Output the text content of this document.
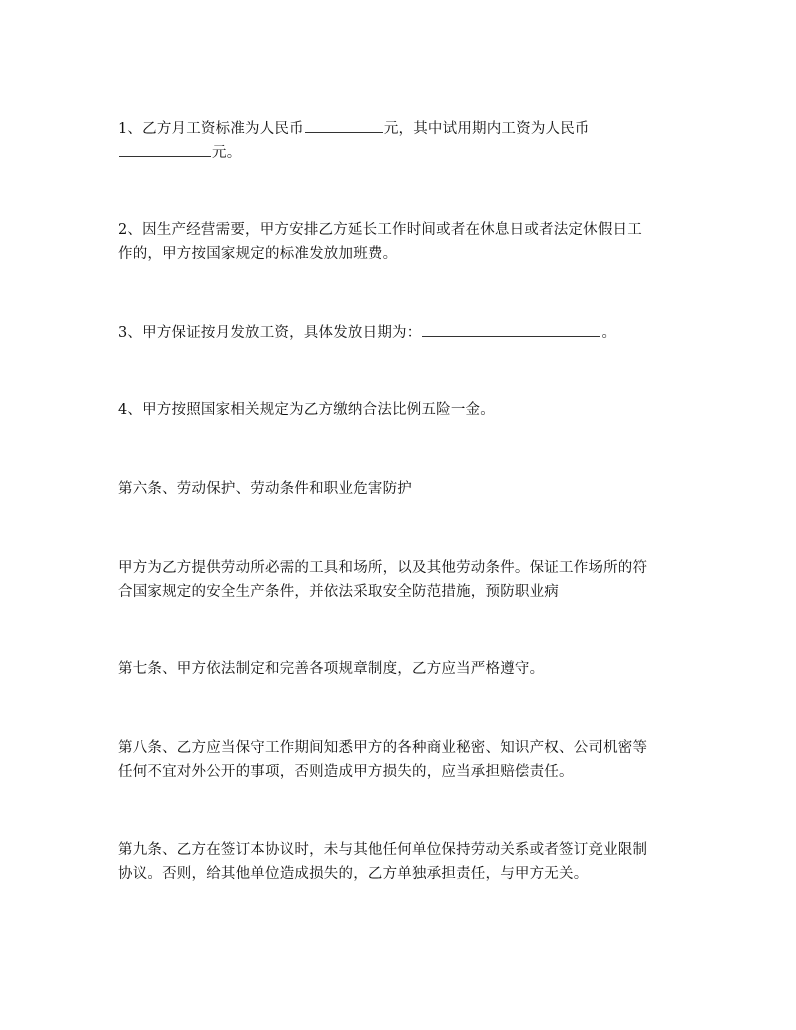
1、乙方月工资标准为人民币	元，其中试用期内工资为人民币
元。

2、因生产经营需要，甲方安排乙方延长工作时间或者在休息日或者法定休假日工
作的，甲方按国家规定的标准发放加班费。

3、甲方保证按月发放工资，具体发放日期为：	。

4、甲方按照国家相关规定为乙方缴纳合法比例五险一金。

第六条、劳动保护、劳动条件和职业危害防护

甲方为乙方提供劳动所必需的工具和场所，以及其他劳动条件。保证工作场所的符
合国家规定的安全生产条件，并依法采取安全防范措施，预防职业病

第七条、甲方依法制定和完善各项规章制度，乙方应当严格遵守。

第八条、乙方应当保守工作期间知悉甲方的各种商业秘密、知识产权、公司机密等
任何不宜对外公开的事项，否则造成甲方损失的，应当承担赔偿责任。

第九条、乙方在签订本协议时，未与其他任何单位保持劳动关系或者签订竞业限制
协议。否则，给其他单位造成损失的，乙方单独承担责任，与甲方无关。
